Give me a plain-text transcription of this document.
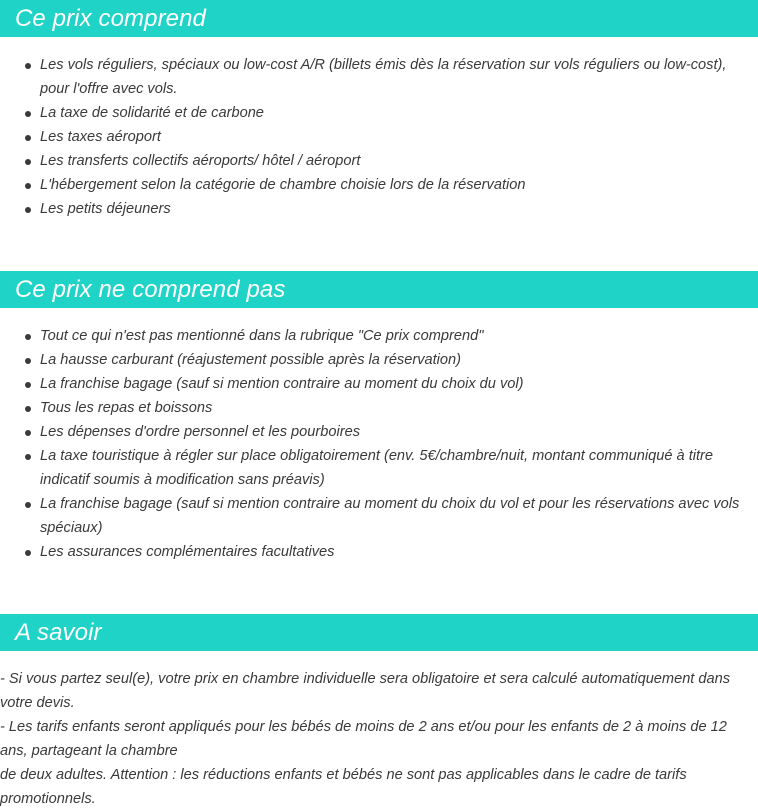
Ce prix comprend
Les vols réguliers, spéciaux ou low-cost A/R (billets émis dès la réservation sur vols réguliers ou low-cost), pour l'offre avec vols.
La taxe de solidarité et de carbone
Les taxes aéroport
Les transferts collectifs aéroports/ hôtel / aéroport
L'hébergement selon la catégorie de chambre choisie lors de la réservation
Les petits déjeuners
Ce prix ne comprend pas
Tout ce qui n'est pas mentionné dans la rubrique "Ce prix comprend"
La hausse carburant (réajustement possible après la réservation)
La franchise bagage (sauf si mention contraire au moment du choix du vol)
Tous les repas et boissons
Les dépenses d'ordre personnel et les pourboires
La taxe touristique à régler sur place obligatoirement (env. 5€/chambre/nuit, montant communiqué à titre indicatif soumis à modification sans préavis)
La franchise bagage (sauf si mention contraire au moment du choix du vol et pour les réservations avec vols spéciaux)
Les assurances complémentaires facultatives
A savoir

- Si vous partez seul(e), votre prix en chambre individuelle sera obligatoire et sera calculé automatiquement dans votre devis.

- Les tarifs enfants seront appliqués pour les bébés de moins de 2 ans et/ou pour les enfants de 2 à moins de 12 ans, partageant la chambre

de deux adultes. Attention : les réductions enfants et bébés ne sont pas applicables dans le cadre de tarifs promotionnels.
